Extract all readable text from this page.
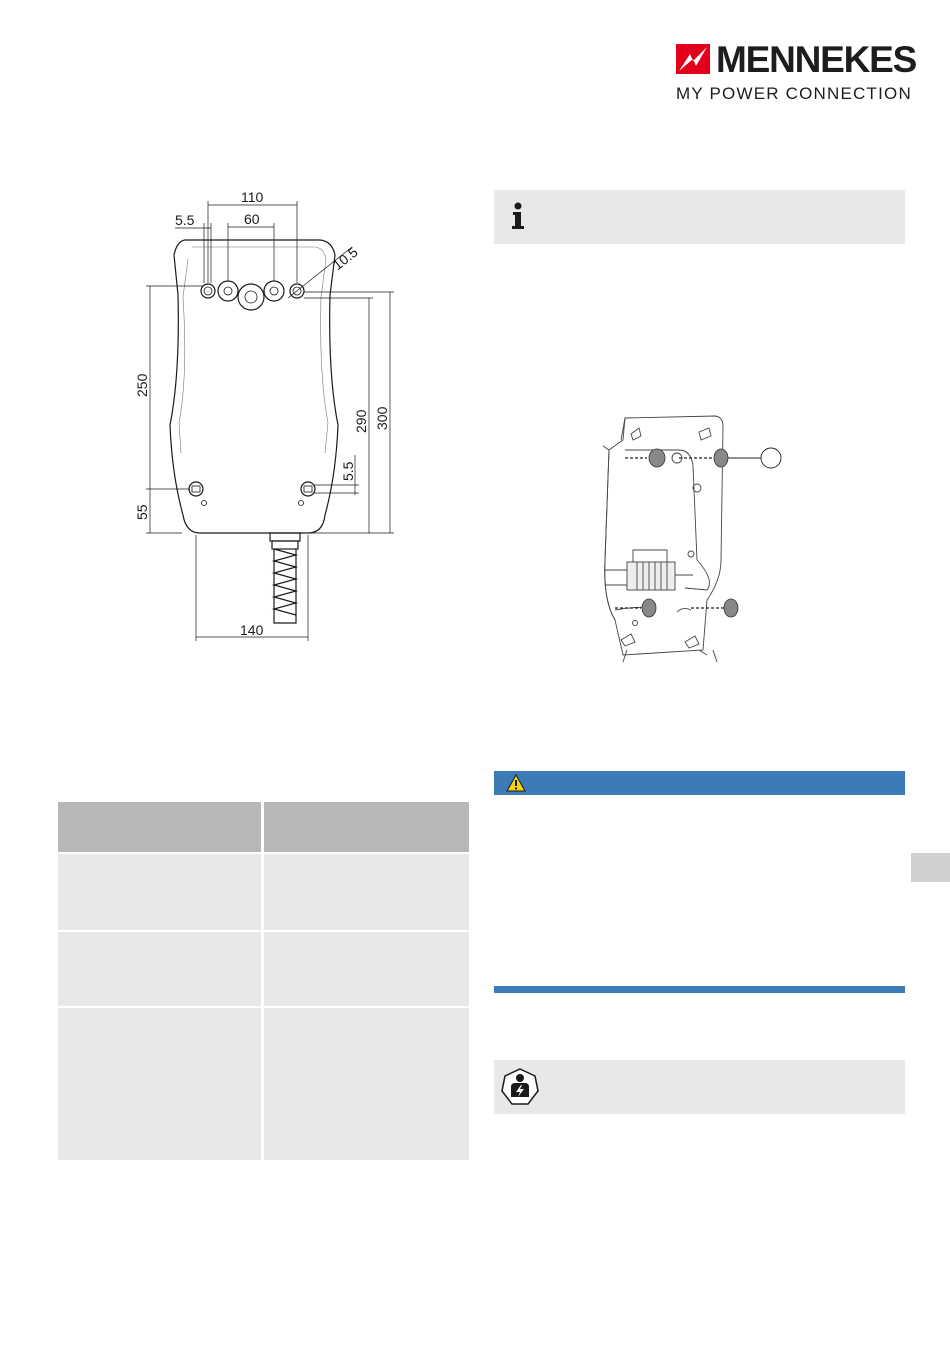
MENNEKES
MY POWER CONNECTION
110
60
5.5
10.5
250
55
290 300
5.5
140
